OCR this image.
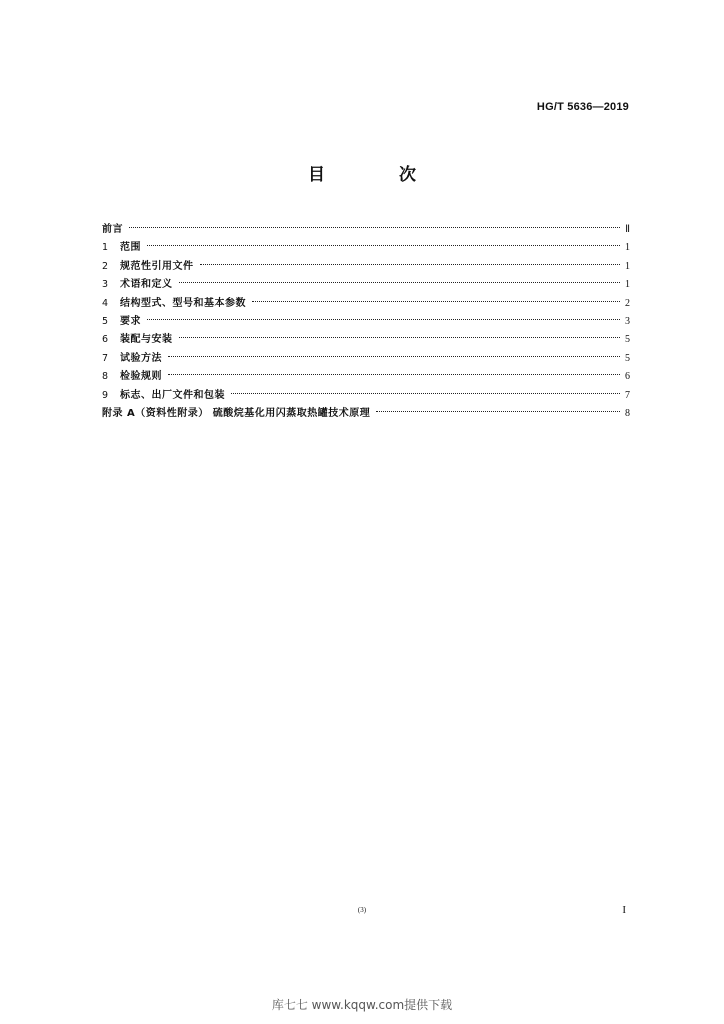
HG/T 5636—2019
目 次
前言	Ⅱ
1	范围	1
2	规范性引用文件	1
3	术语和定义	1
4	结构型式、型号和基本参数	2
5	要求	3
6	装配与安装	5
7	试验方法	5
8	检验规则	6
9	标志、出厂文件和包装	7
附录 A（资料性附录） 硫酸烷基化用闪蒸取热罐技术原理	8
(3)	I
库七七 www.kqqw.com提供下载
